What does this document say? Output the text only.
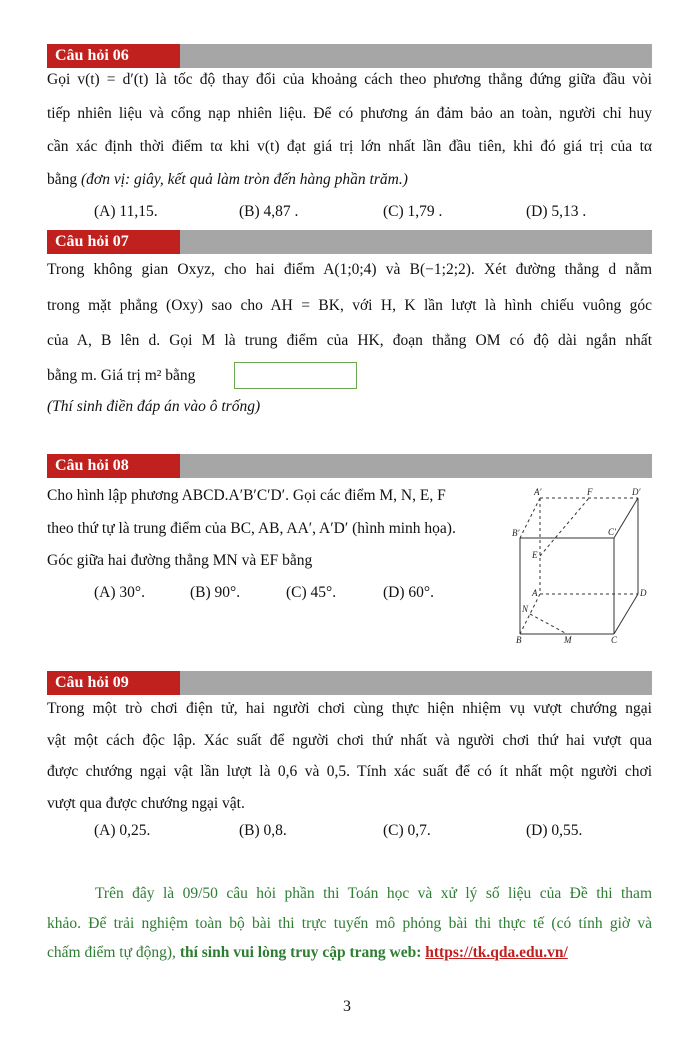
Câu hỏi 06
Gọi v(t) = d′(t) là tốc độ thay đổi của khoảng cách theo phương thẳng đứng giữa đầu vòi
tiếp nhiên liệu và cổng nạp nhiên liệu. Để có phương án đảm bảo an toàn, người chỉ huy
cần xác định thời điểm tα khi v(t) đạt giá trị lớn nhất lần đầu tiên, khi đó giá trị của tα
bằng (đơn vị: giây, kết quả làm tròn đến hàng phần trăm.)
(A) 11,15.	(B) 4,87 .	(C) 1,79 .	(D) 5,13 .
Câu hỏi 07
Trong không gian Oxyz, cho hai điểm A(1;0;4) và B(−1;2;2). Xét đường thẳng d nằm
trong mặt phẳng (Oxy) sao cho AH = BK, với H, K lần lượt là hình chiếu vuông góc
của A, B lên d. Gọi M là trung điểm của HK, đoạn thẳng OM có độ dài ngắn nhất
bằng m. Giá trị m² bằng
(Thí sinh điền đáp án vào ô trống)
Câu hỏi 08
Cho hình lập phương ABCD.A′B′C′D′. Gọi các điểm M, N, E, F
theo thứ tự là trung điểm của BC, AB, AA′, A′D′ (hình minh họa).
Góc giữa hai đường thẳng MN và EF bằng
(A) 30°.	(B) 90°.	(C) 45°.	(D) 60°.
A′	F	D′
B′	C′
E
A	D
N
B	M	C
Câu hỏi 09
Trong một trò chơi điện tử, hai người chơi cùng thực hiện nhiệm vụ vượt chướng ngại
vật một cách độc lập. Xác suất để người chơi thứ nhất và người chơi thứ hai vượt qua
được chướng ngại vật lần lượt là 0,6 và 0,5. Tính xác suất để có ít nhất một người chơi
vượt qua được chướng ngại vật.
(A) 0,25.	(B) 0,8.	(C) 0,7.	(D) 0,55.
Trên đây là 09/50 câu hỏi phần thi Toán học và xử lý số liệu của Đề thi tham
khảo. Để trải nghiệm toàn bộ bài thi trực tuyến mô phỏng bài thi thực tế (có tính giờ và
chấm điểm tự động), thí sinh vui lòng truy cập trang web: https://tk.qda.edu.vn/
3
